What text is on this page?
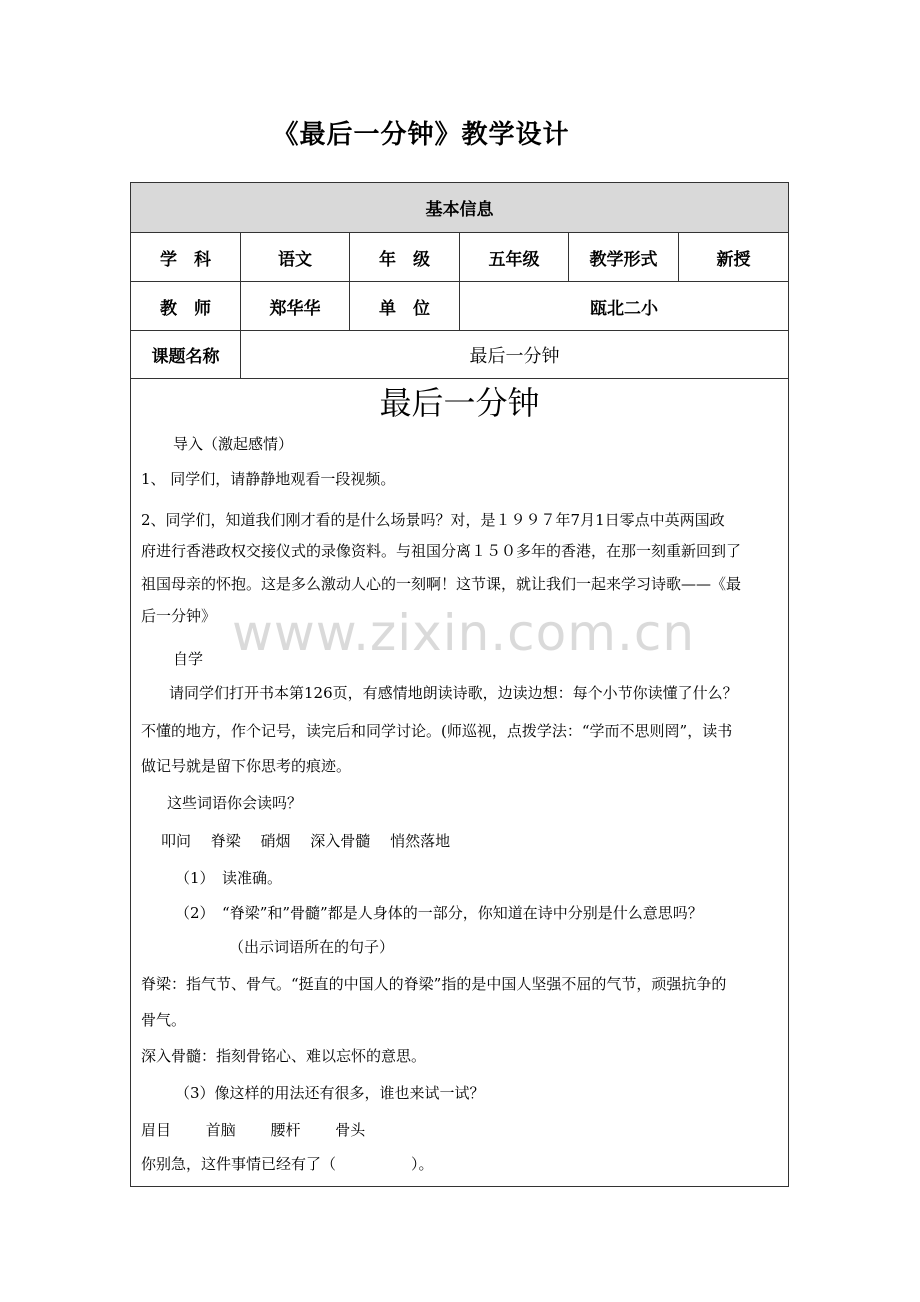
《最后一分钟》教学设计
基本信息
学　科	语文	年　级	五年级	教学形式	新授
教　师	郑华华	单　位	瓯北二小
课题名称	最后一分钟
最后一分钟
导入（激起感情）
1、 同学们，请静静地观看一段视频。
2、同学们，知道我们刚才看的是什么场景吗？对，是１９９７年7月1日零点中英两国政
府进行香港政权交接仪式的录像资料。与祖国分离１５０多年的香港，在那一刻重新回到了
祖国母亲的怀抱。这是多么激动人心的一刻啊！这节课，就让我们一起来学习诗歌——《最
后一分钟》
自学
请同学们打开书本第126页，有感情地朗读诗歌，边读边想：每个小节你读懂了什么？
不懂的地方，作个记号，读完后和同学讨论。(师巡视，点拨学法：“学而不思则罔”，读书
做记号就是留下你思考的痕迹。
这些词语你会读吗？
叩问　 脊梁　 硝烟　 深入骨髓　 悄然落地
（1）　读准确。
（2）　“脊梁”和”骨髓”都是人身体的一部分，你知道在诗中分别是什么意思吗？
（出示词语所在的句子）
脊梁：指气节、骨气。“挺直的中国人的脊梁”指的是中国人坚强不屈的气节，顽强抗争的
骨气。
深入骨髓：指刻骨铭心、难以忘怀的意思。
（3）像这样的用法还有很多，谁也来试一试？
眉目　 　首脑　 　腰杆　 　骨头
你别急，这件事情已经有了（　　　　　）。
www.zixin.com.cn
